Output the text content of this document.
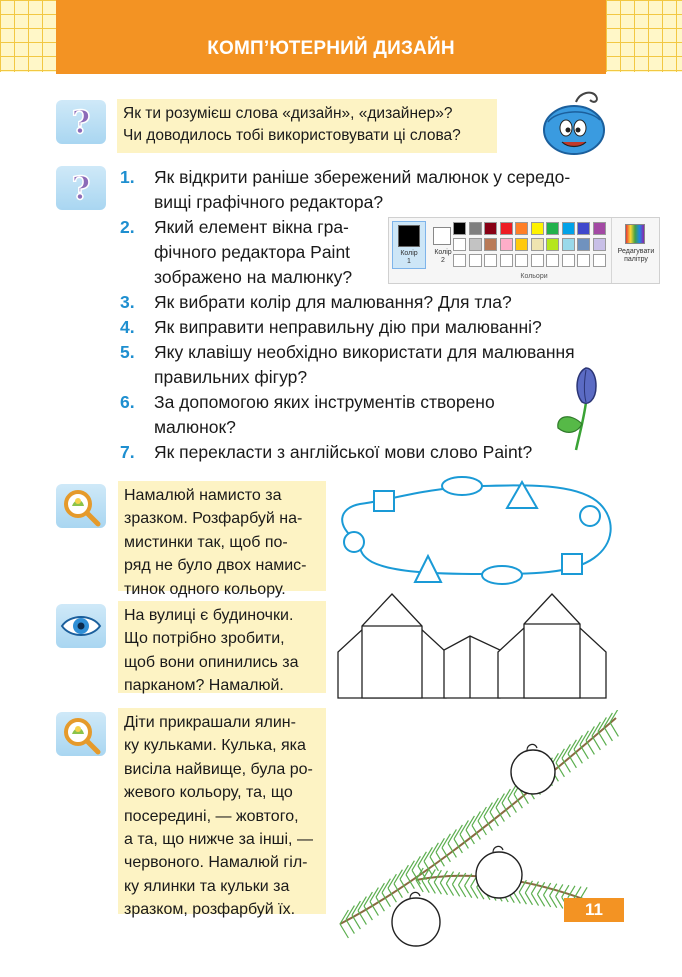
КОМП’ЮТЕРНИЙ ДИЗАЙН
? Як ти розумієш слова «дизайн», «дизайнер»?
Чи доводилось тобі використовувати ці слова?
? 1. Як відкрити раніше збережений малюнок у середо-
вищі графічного редактора?
2. Який елемент вікна гра-
фічного редактора Paint
зображено на малюнку?
3. Як вибрати колір для малювання? Для тла?
4. Як виправити неправильну дію при малюванні?
5. Яку клавішу необхідно використати для малювання
правильних фігур?
6. За допомогою яких інструментів створено
малюнок?
7. Як перекласти з англійської мови слово Paint?
Колір
1
Колір
2
Кольори
Редагувати
палітру
Намалюй намисто за
зразком. Розфарбуй на-
мистинки так, щоб по-
ряд не було двох намис-
тинок одного кольору.
На вулиці є будиночки.
Що потрібно зробити,
щоб вони опинились за
парканом? Намалюй.
Діти прикрашали ялин-
ку кульками. Кулька, яка
висіла найвище, була ро-
жевого кольору, та, що
посередині, — жовтого,
а та, що нижче за інші, —
червоного. Намалюй гіл-
ку ялинки та кульки за
зразком, розфарбуй їх.	11
